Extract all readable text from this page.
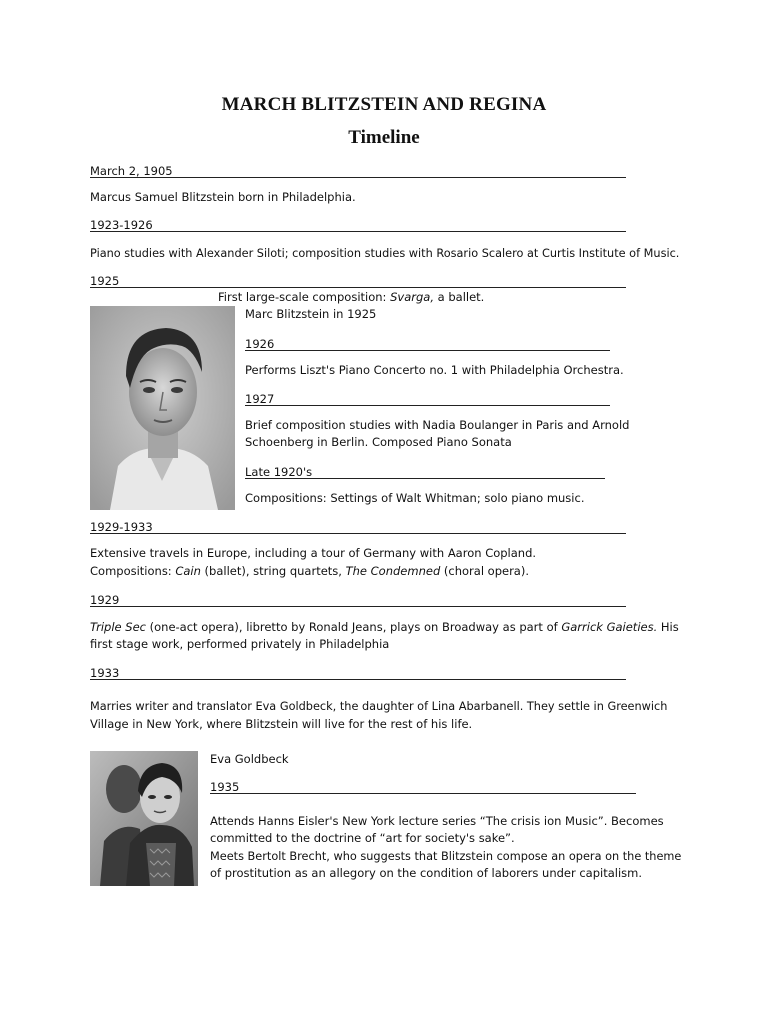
MARCH BLITZSTEIN AND REGINA
Timeline
March 2, 1905
Marcus Samuel Blitzstein born in Philadelphia.
1923-1926
Piano studies with Alexander Siloti; composition studies with Rosario Scalero at Curtis Institute of Music.
1925
First large-scale composition: Svarga, a ballet.
Marc Blitzstein in 1925
1926
Performs Liszt's Piano Concerto no. 1 with Philadelphia Orchestra.
1927
Brief composition studies with Nadia Boulanger in Paris and Arnold
Schoenberg in Berlin. Composed Piano Sonata
Late 1920's
Compositions: Settings of Walt Whitman; solo piano music.
1929-1933
Extensive travels in Europe, including a tour of Germany with Aaron Copland.
Compositions: Cain (ballet), string quartets, The Condemned (choral opera).
1929
Triple Sec (one-act opera), libretto by Ronald Jeans, plays on Broadway as part of Garrick Gaieties. His
first stage work, performed privately in Philadelphia
1933
Marries writer and translator Eva Goldbeck, the daughter of Lina Abarbanell. They settle in Greenwich
Village in New York, where Blitzstein will live for the rest of his life.
Eva Goldbeck
1935
Attends Hanns Eisler's New York lecture series “The crisis ion Music”. Becomes
committed to the doctrine of “art for society's sake”.
Meets Bertolt Brecht, who suggests that Blitzstein compose an opera on the theme
of prostitution as an allegory on the condition of laborers under capitalism.
